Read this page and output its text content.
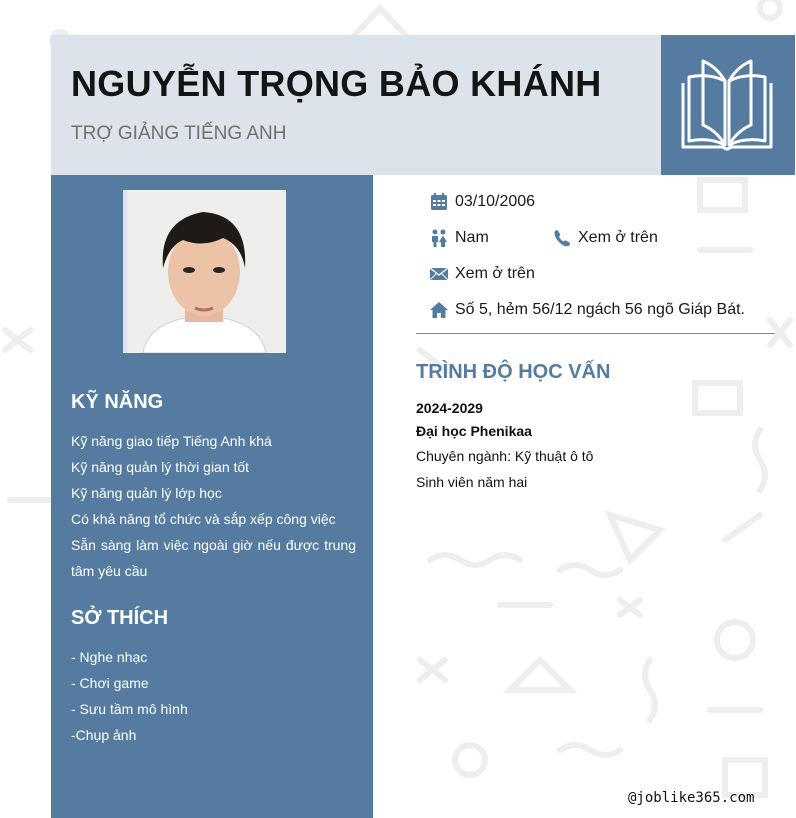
NGUYỄN TRỌNG BẢO KHÁNH
TRỢ GIẢNG TIẾNG ANH
KỸ NĂNG
Kỹ năng giao tiếp Tiếng Anh khá
Kỹ năng quản lý thời gian tốt
Kỹ năng quản lý lớp học
Có khả năng tổ chức và sắp xếp công việc
Sẵn sàng làm việc ngoài giờ nếu được trung tâm yêu cầu
SỞ THÍCH
- Nghe nhạc
- Chơi game
- Sưu tầm mô hình
-Chụp ảnh
03/10/2006
Nam	Xem ở trên
Xem ở trên
Số 5, hẻm 56/12 ngách 56 ngõ Giáp Bát.
TRÌNH ĐỘ HỌC VẤN
2024-2029
Đại học Phenikaa
Chuyên ngành: Kỹ thuật ô tô
Sinh viên năm hai
@joblike365.com
